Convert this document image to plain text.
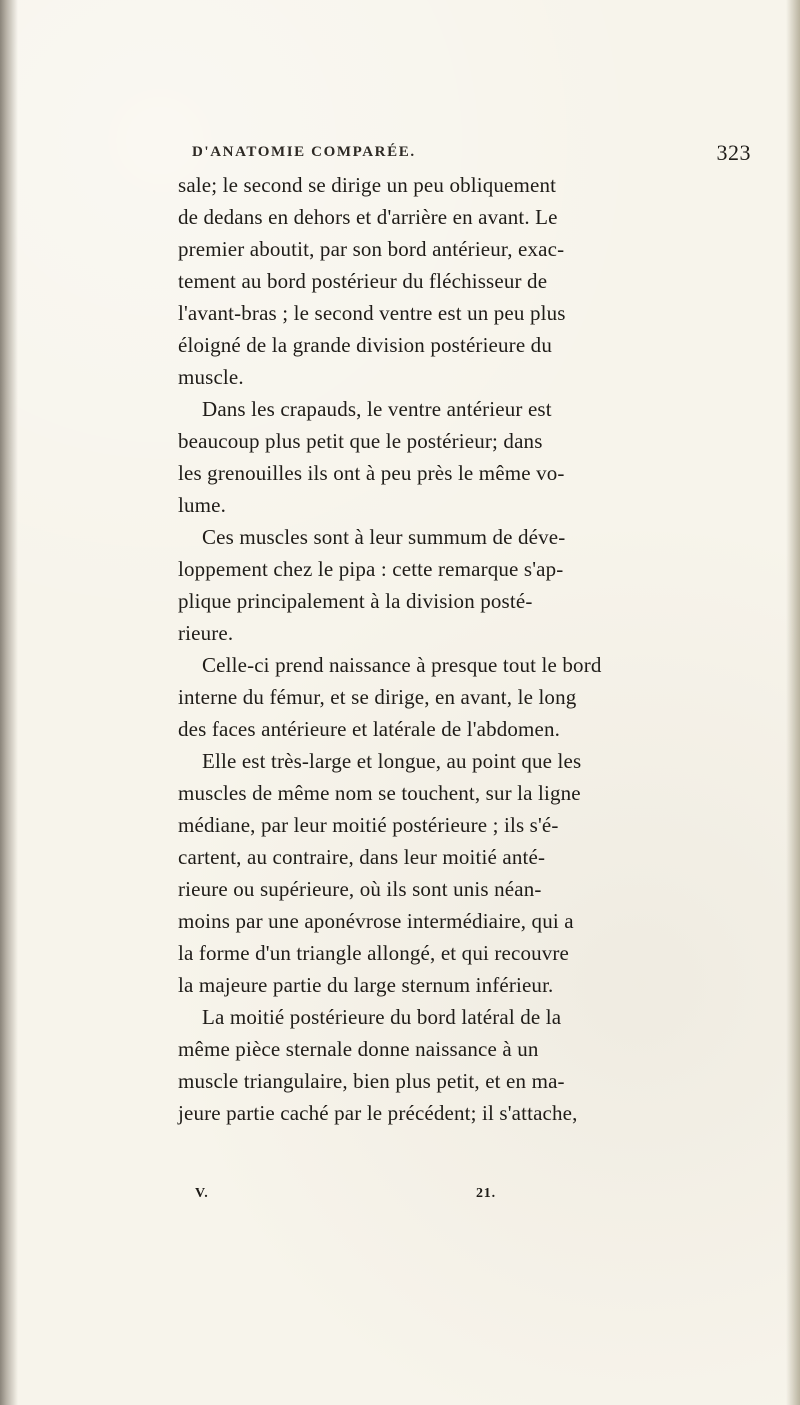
D'ANATOMIE COMPARÉE.	323
sale; le second se dirige un peu obliquement
de dedans en dehors et d'arrière en avant. Le
premier aboutit, par son bord antérieur, exac-
tement au bord postérieur du fléchisseur de
l'avant-bras ; le second ventre est un peu plus
éloigné de la grande division postérieure du
muscle.
Dans les crapauds, le ventre antérieur est
beaucoup plus petit que le postérieur; dans
les grenouilles ils ont à peu près le même vo-
lume.
Ces muscles sont à leur summum de déve-
loppement chez le pipa : cette remarque s'ap-
plique principalement à la division posté-
rieure.
Celle-ci prend naissance à presque tout le bord
interne du fémur, et se dirige, en avant, le long
des faces antérieure et latérale de l'abdomen.
Elle est très-large et longue, au point que les
muscles de même nom se touchent, sur la ligne
médiane, par leur moitié postérieure ; ils s'é-
cartent, au contraire, dans leur moitié anté-
rieure ou supérieure, où ils sont unis néan-
moins par une aponévrose intermédiaire, qui a
la forme d'un triangle allongé, et qui recouvre
la majeure partie du large sternum inférieur.
La moitié postérieure du bord latéral de la
même pièce sternale donne naissance à un
muscle triangulaire, bien plus petit, et en ma-
jeure partie caché par le précédent; il s'attache,
V.	21.
